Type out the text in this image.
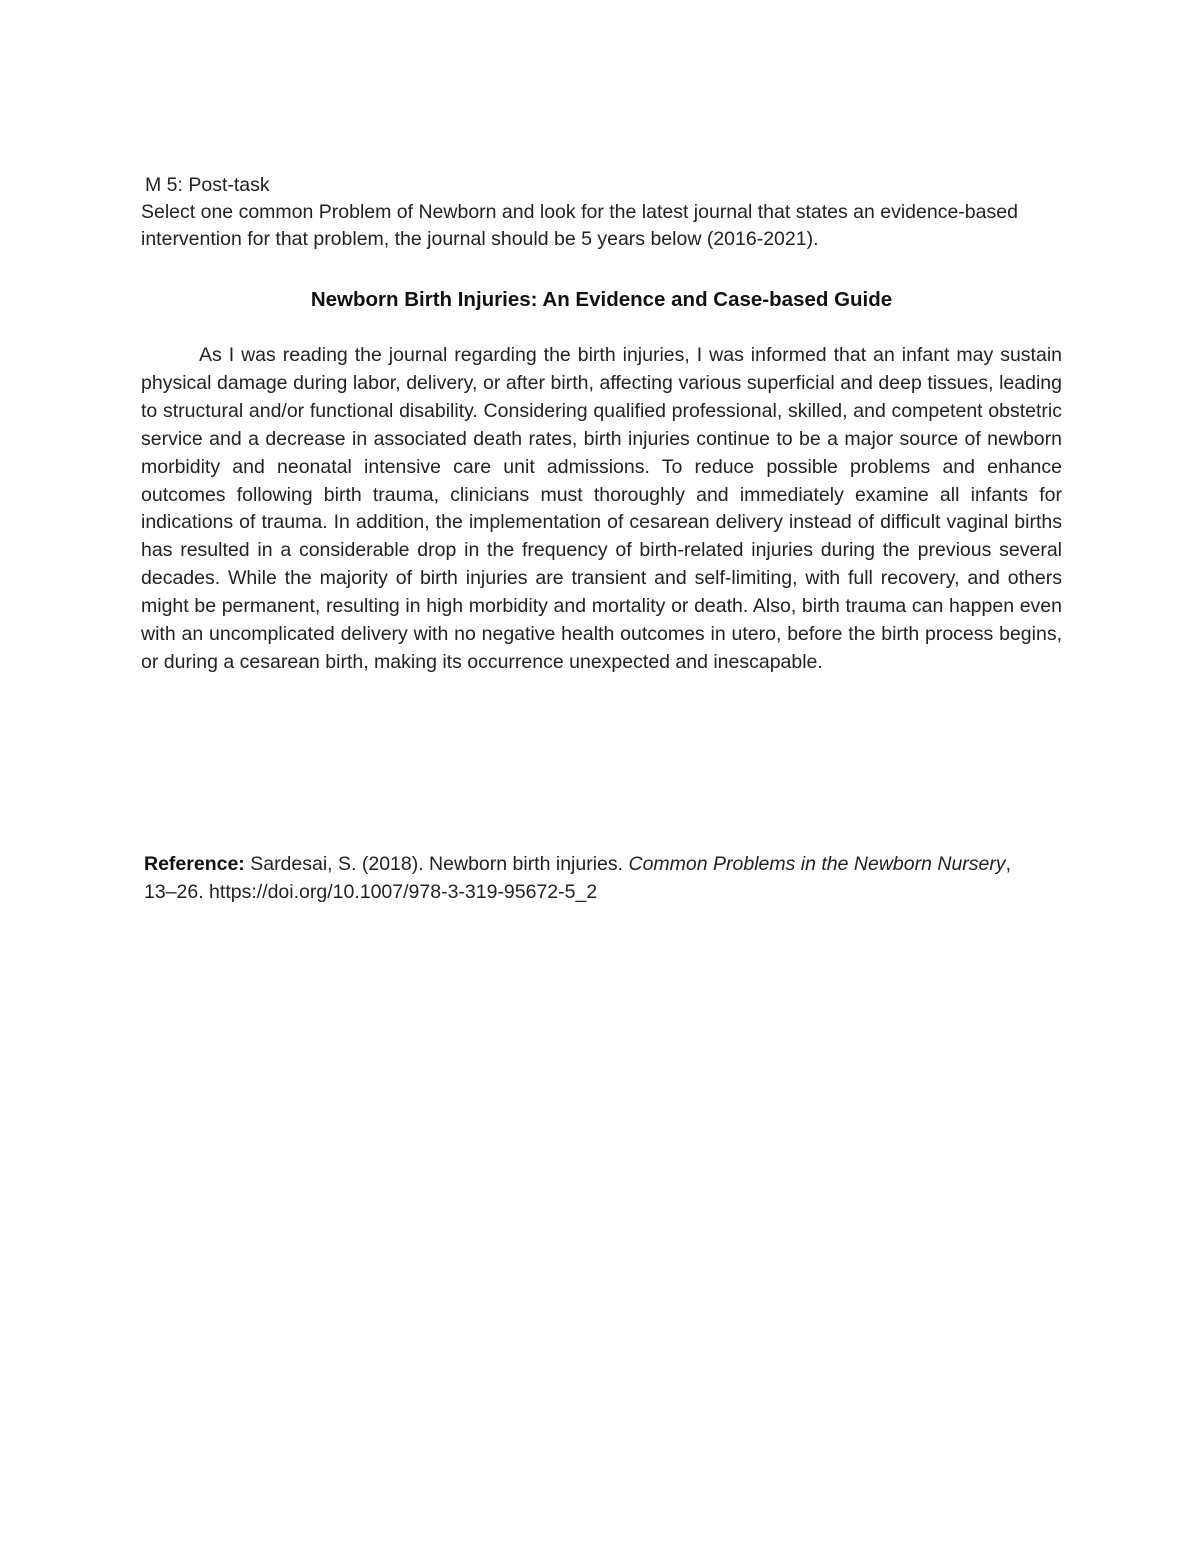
M 5: Post-task
Select one common Problem of Newborn and look for the latest journal that states an evidence-based intervention for that problem, the journal should be 5 years below (2016-2021).
Newborn Birth Injuries: An Evidence and Case-based Guide

As I was reading the journal regarding the birth injuries, I was informed that an infant may sustain physical damage during labor, delivery, or after birth, affecting various superficial and deep tissues, leading to structural and/or functional disability. Considering qualified professional, skilled, and competent obstetric service and a decrease in associated death rates, birth injuries continue to be a major source of newborn morbidity and neonatal intensive care unit admissions. To reduce possible problems and enhance outcomes following birth trauma, clinicians must thoroughly and immediately examine all infants for indications of trauma. In addition, the implementation of cesarean delivery instead of difficult vaginal births has resulted in a considerable drop in the frequency of birth-related injuries during the previous several decades. While the majority of birth injuries are transient and self-limiting, with full recovery, and others might be permanent, resulting in high morbidity and mortality or death. Also, birth trauma can happen even with an uncomplicated delivery with no negative health outcomes in utero, before the birth process begins, or during a cesarean birth, making its occurrence unexpected and inescapable.

Reference: Sardesai, S. (2018). Newborn birth injuries. Common Problems in the Newborn Nursery, 13–26. https://doi.org/10.1007/978-3-319-95672-5_2
